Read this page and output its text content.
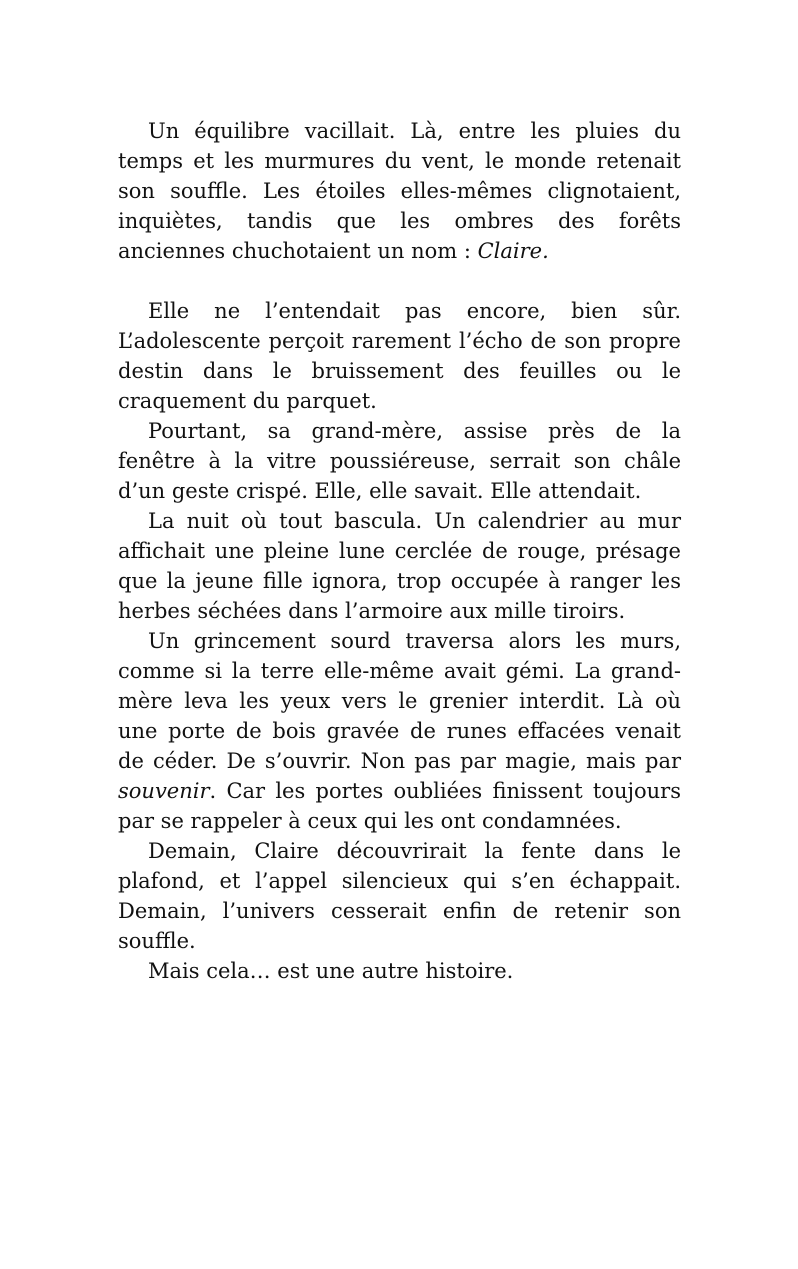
Un équilibre vacillait. Là, entre les pluies du temps et les murmures du vent, le monde retenait son souffle. Les étoiles elles-mêmes clignotaient, inquiètes, tandis que les ombres des forêts anciennes chuchotaient un nom : Claire.

Elle ne l’entendait pas encore, bien sûr. L’adolescente perçoit rarement l’écho de son propre destin dans le bruissement des feuilles ou le craquement du parquet.

Pourtant, sa grand-mère, assise près de la fenêtre à la vitre poussiéreuse, serrait son châle d’un geste crispé. Elle, elle savait. Elle attendait.

La nuit où tout bascula. Un calendrier au mur affichait une pleine lune cerclée de rouge, présage que la jeune fille ignora, trop occupée à ranger les herbes séchées dans l’armoire aux mille tiroirs.

Un grincement sourd traversa alors les murs, comme si la terre elle-même avait gémi. La grand-mère leva les yeux vers le grenier interdit. Là où une porte de bois gravée de runes effacées venait de céder. De s’ouvrir. Non pas par magie, mais par souvenir. Car les portes oubliées finissent toujours par se rappeler à ceux qui les ont condamnées.

Demain, Claire découvrirait la fente dans le plafond, et l’appel silencieux qui s’en échappait. Demain, l’univers cesserait enfin de retenir son souffle.

Mais cela… est une autre histoire.
